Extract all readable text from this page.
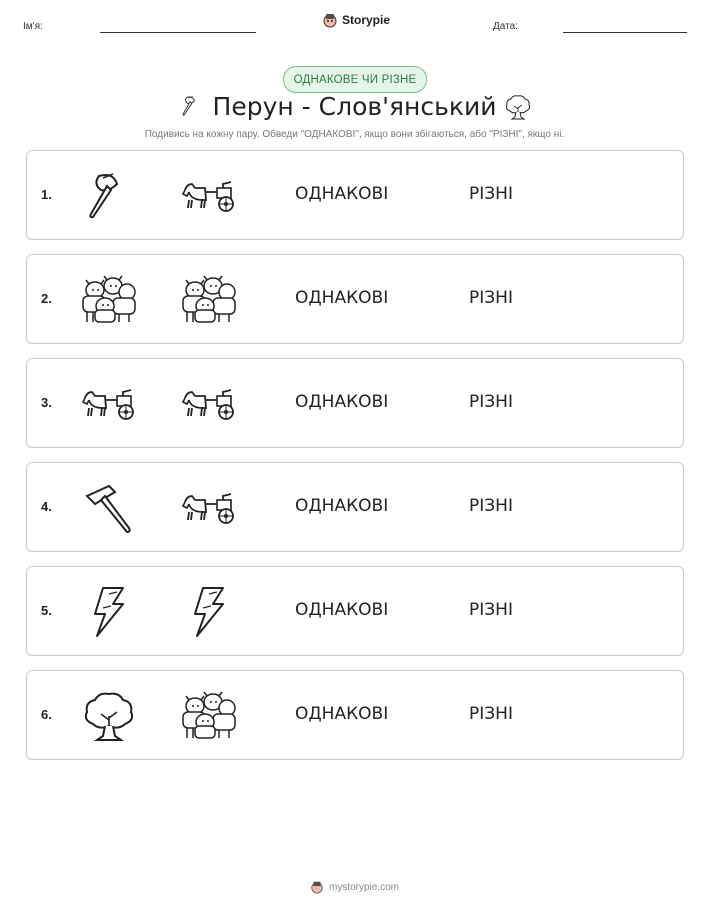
Ім'я:	Storypie	Дата:
ОДНАКОВЕ ЧИ РІЗНЕ
Перун - Слов'янський
Подивись на кожну пару. Обведи "ОДНАКОВІ", якщо вони збігаються, або "РІЗНІ", якщо ні.
1.	ОДНАКОВІ	РІЗНІ
2.	ОДНАКОВІ	РІЗНІ
3.	ОДНАКОВІ	РІЗНІ
4.	ОДНАКОВІ	РІЗНІ
5.	ОДНАКОВІ	РІЗНІ
6.	ОДНАКОВІ	РІЗНІ
mystorypie.com
